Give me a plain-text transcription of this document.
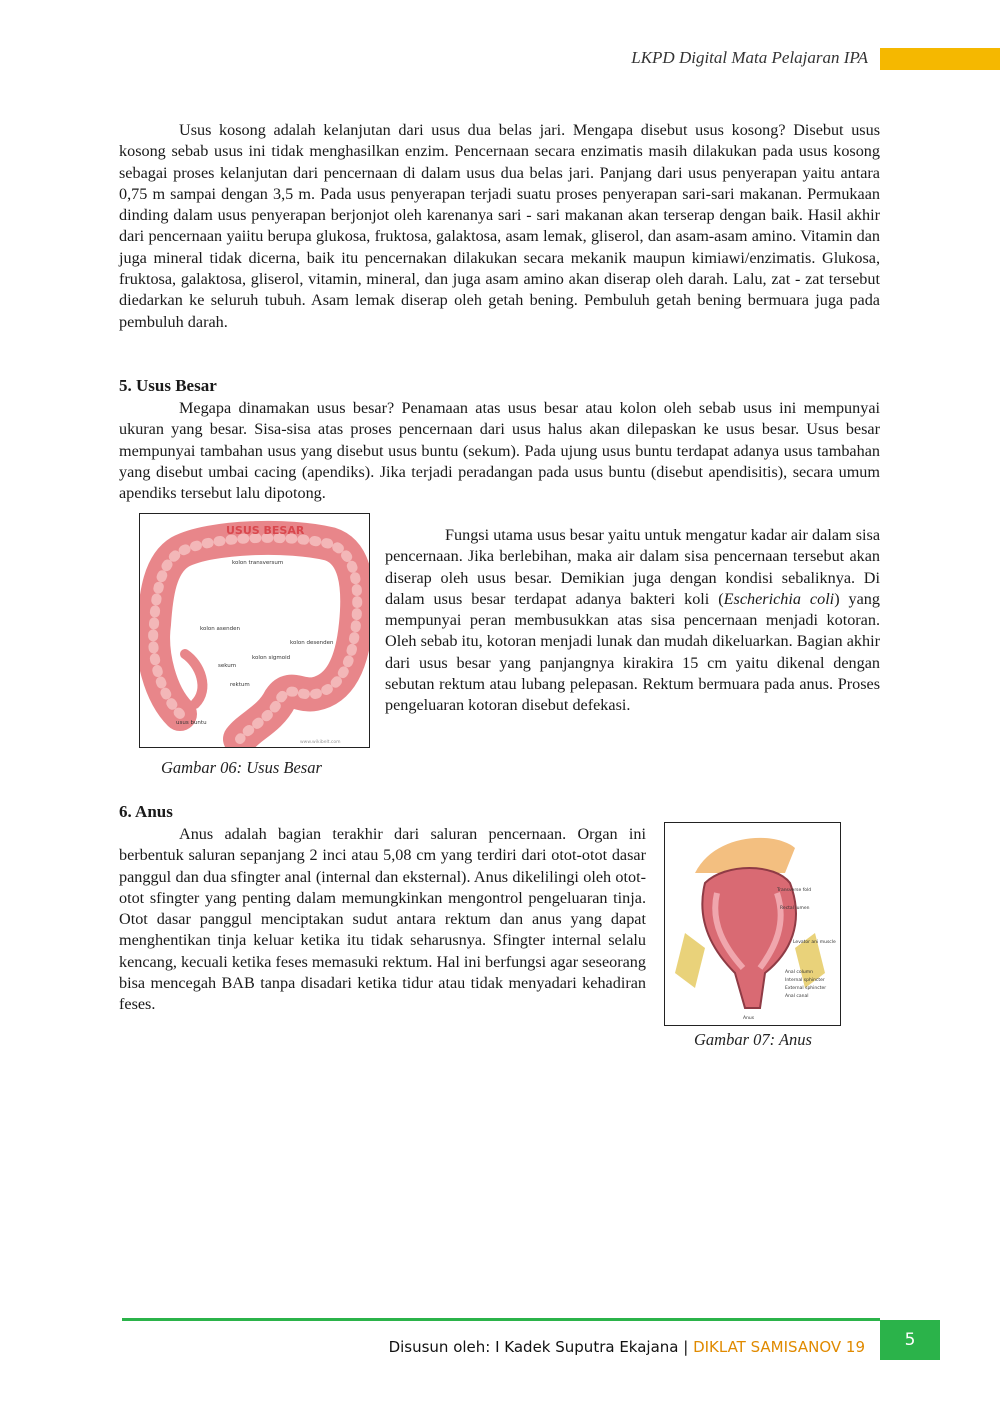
LKPD Digital Mata Pelajaran IPA

Usus kosong adalah kelanjutan dari usus dua belas jari. Mengapa disebut usus kosong? Disebut usus kosong sebab usus ini tidak menghasilkan enzim. Pencernaan secara enzimatis masih dilakukan pada usus kosong sebagai proses kelanjutan dari pencernaan di dalam usus dua belas jari. Panjang dari usus penyerapan yaitu antara 0,75 m sampai dengan 3,5 m. Pada usus penyerapan terjadi suatu proses penyerapan sari-sari makanan. Permukaan dinding dalam usus penyerapan berjonjot oleh karenanya sari - sari makanan akan terserap dengan baik. Hasil akhir dari pencernaan yaiitu berupa glukosa, fruktosa, galaktosa, asam lemak, gliserol, dan asam-asam amino. Vitamin dan juga mineral tidak dicerna, baik itu pencernakan dilakukan secara mekanik maupun kimiawi/enzimatis. Glukosa, fruktosa, galaktosa, gliserol, vitamin, mineral, dan juga asam amino akan diserap oleh darah. Lalu, zat - zat tersebut diedarkan ke seluruh tubuh. Asam lemak diserap oleh getah bening. Pembuluh getah bening bermuara juga pada pembuluh darah.

5. Usus Besar

Megapa dinamakan usus besar? Penamaan atas usus besar atau kolon oleh sebab usus ini mempunyai ukuran yang besar. Sisa-sisa atas proses pencernaan dari usus halus akan dilepaskan ke usus besar. Usus besar mempunyai tambahan usus yang disebut usus buntu (sekum). Pada ujung usus buntu terdapat adanya usus tambahan yang disebut umbai cacing (apendiks). Jika terjadi peradangan pada usus buntu (disebut apendisitis), secara umum apendiks tersebut lalu dipotong.

USUS BESAR
kolon transversum
kolon asenden
kolon desenden
kolon sigmoid
sekum
rektum
usus buntu
www.wikibelt.com
Gambar 06: Usus Besar

Fungsi utama usus besar yaitu untuk mengatur kadar air dalam sisa pencernaan. Jika berlebihan, maka air dalam sisa pencernaan tersebut akan diserap oleh usus besar. Demikian juga dengan kondisi sebaliknya. Di dalam usus besar terdapat adanya bakteri koli (Escherichia coli) yang mempunyai peran membusukkan atas sisa pencernaan menjadi kotoran. Oleh sebab itu, kotoran menjadi lunak dan mudah dikeluarkan. Bagian akhir dari usus besar yang panjangnya kirakira 15 cm yaitu dikenal dengan sebutan rektum atau lubang pelepasan. Rektum bermuara pada anus. Proses pengeluaran kotoran disebut defekasi.

6. Anus

Anus adalah bagian terakhir dari saluran pencernaan. Organ ini berbentuk saluran sepanjang 2 inci atau 5,08 cm yang terdiri dari otot-otot dasar panggul dan dua sfingter anal (internal dan eksternal). Anus dikelilingi oleh otot-otot sfingter yang penting dalam memungkinkan mengontrol pengeluaran tinja. Otot dasar panggul menciptakan sudut antara rektum dan anus yang dapat menghentikan tinja keluar ketika itu tidak seharusnya. Sfingter internal selalu kencang, kecuali ketika feses memasuki rektum. Hal ini berfungsi agar seseorang bisa mencegah BAB tanpa disadari ketika tidur atau tidak menyadari kehadiran feses.

Transverse fold
Rectal lumen
Levator ani muscle
Anal column
Internal sphincter
External sphincter
Anal canal
Anus
Gambar 07: Anus
Disusun oleh: I Kadek Suputra Ekajana | DIKLAT SAMISANOV 19	5
